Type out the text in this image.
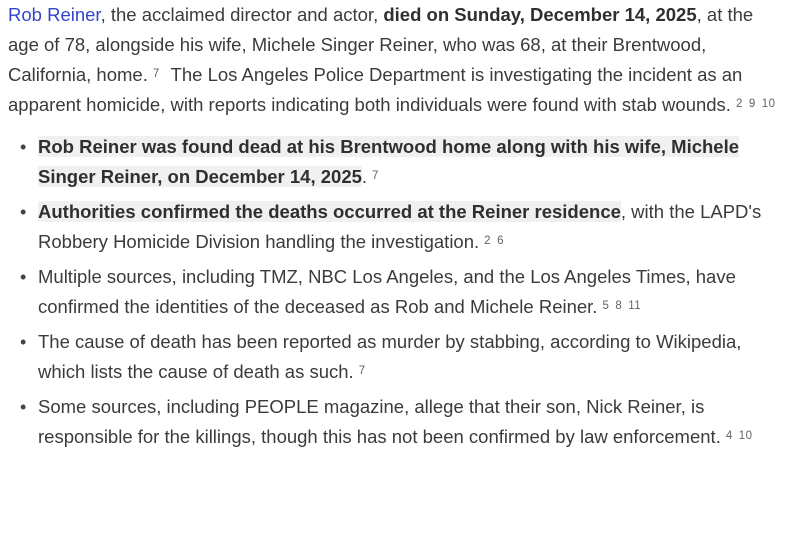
Rob Reiner, the acclaimed director and actor, died on Sunday, December 14, 2025, at the age of 78, alongside his wife, Michele Singer Reiner, who was 68, at their Brentwood, California, home. $^7$ The Los Angeles Police Department is investigating the incident as an apparent homicide, with reports indicating both individuals were found with stab wounds. $^{2 9 10}$

• Rob Reiner was found dead at his Brentwood home along with his wife, Michele Singer Reiner, on December 14, 2025. $^7$
• Authorities confirmed the deaths occurred at the Reiner residence, with the LAPD's Robbery Homicide Division handling the investigation. $^{2 6}$
• Multiple sources, including TMZ, NBC Los Angeles, and the Los Angeles Times, have confirmed the identities of the deceased as Rob and Michele Reiner. $^{5 8 11}$
• The cause of death has been reported as murder by stabbing, according to Wikipedia, which lists the cause of death as such. $^7$
• Some sources, including PEOPLE magazine, allege that their son, Nick Reiner, is responsible for the killings, though this has not been confirmed by law enforcement. $^{4 10}$
